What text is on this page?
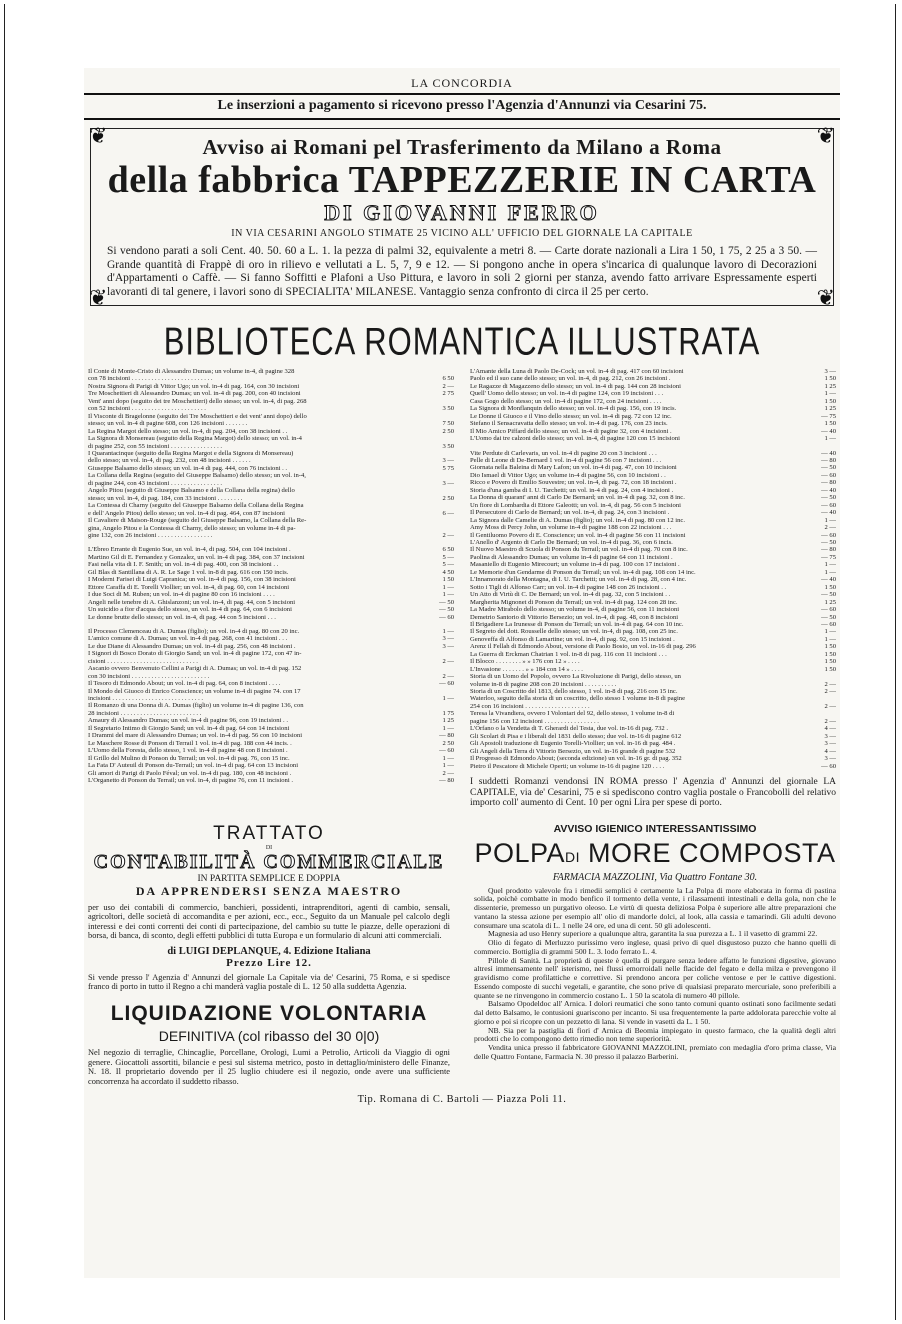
LA CONCORDIA
Le inserzioni a pagamento si ricevono presso l'Agenzia d'Annunzi via Cesarini 75.
❦	❦
❦	❦
Avviso ai Romani pel Trasferimento da Milano a Roma
della fabbrica TAPPEZZERIE IN CARTA
DI GIOVANNI FERRO
IN VIA CESARINI ANGOLO STIMATE 25 VICINO ALL' UFFICIO DEL GIORNALE LA CAPITALE
Si vendono parati a soli Cent. 40. 50. 60 a L. 1. la pezza di palmi 32, equivalente a metri 8. — Carte dorate nazionali a Lira 1 50, 1 75, 2 25 a 3 50. — Grande quantità di Frappè di oro in rilievo e vellutati a L. 5, 7, 9 e 12. — Si pongono anche in opera s'incarica di qualunque lavoro di Decorazioni d'Appartamenti o Caffè. — Si fanno Soffitti e Plafoni a Uso Pittura, e lavoro in soli 2 giorni per stanza, avendo fatto arrivare Espressamente esperti lavoranti di tal genere, i lavori sono di SPECIALITA' MILANESE. Vantaggio senza confronto di circa il 25 per certo.
BIBLIOTECA ROMANTICA ILLUSTRATA
Il Conte di Monte-Cristo di Alessandro Dumas; un volume in-4, di pagine 328
con 78 incisioni . . . . . . . . . . . . . . . . . . . . . . . . .	6 50
Nostra Signora di Parigi di Vittor Ugo; un vol. in-4 di pag. 164, con 30 incisioni	2 —
Tre Moschettieri di Alessandro Dumas; un vol. in-4 di pag. 200, con 40 incisioni	2 75
Vent' anni dopo (seguito dei tre Moschettieri) dello stesso; un vol. in-4, di pag. 268
con 52 incisioni . . . . . . . . . . . . . . . . . . . . . . .	3 50
Il Visconte di Bragelonne (seguito dei Tre Moschettieri e dei vent' anni dopo) dello
stesso; un vol. in-4 di pagine 608, con 126 incisioni . . . . . . .	7 50
La Regina Margot dello stesso; un vol. in-4, di pag. 204, con 38 incisioni . .	2 50
La Signora di Monsereau (seguito della Regina Margot) dello stesso; un vol. in-4
di pagine 252, con 55 incisioni . . . . . . . . . . . . . . . .	3 50
I Quarantacinque (seguito della Regina Margot e della Signora di Monsereau)
dello stesso; un vol. in-4, di pag. 232, con 48 incisioni . . . . . .	3 —
Giuseppe Balsamo dello stesso; un vol. in-4 di pag. 444, con 76 incisioni . .	5 75
La Collana della Regina (seguito del Giuseppe Balsamo) dello stesso; un vol. in-4,
di pagine 244, con 43 incisioni . . . . . . . . . . . . . . . .	3 —
Angelo Pitou (seguito di Giuseppe Balsamo e della Collana della regina) dello
stesso; un vol. in-4, di pag. 184, con 33 incisioni . . . . . . . .	2 50
La Contessa di Charny (seguito del Giuseppe Balsamo della Collana della Regina
e dell' Angelo Pitou) dello stesso; un vol. in-4 di pag. 464, con 87 incisioni	6 —
Il Cavaliere di Maison-Rouge (seguito del Giuseppe Balsamo, la Collana della Re-
gina, Angelo Pitou e la Contessa di Charny, dello stesso; un volume in-4 di pa-
gine 132, con 26 incisioni . . . . . . . . . . . . . . . . .	2 —
L'Ebreo Errante di Eugenio Sue, un vol. in-4, di pag. 504, con 104 incisioni .	6 50
Martino Gil di E. Fernandez y Gonzalez, un vol. in-4 di pag. 384, con 37 incisioni	5 —
Fasi nella vita di I. F. Smith; un vol. in-4 di pag. 400, con 38 incisioni . .	5 —
Gil Blas di Santillana di A. R. Le Sage 1 vol. in-8 di pag. 616 con 150 incis.	4 50
I Moderni Farisei di Luigi Capranica; un vol. in-4 di pag. 156, con 38 incisioni	1 50
Ettore Caraffa di E. Torelli Viollier; un vol. in-4, di pag. 60, con 14 incisioni	1 —
I due Soci di M. Ruben; un vol. in-4 di pagine 80 con 16 incisioni . . . .	1 —
Angeli nelle tenebre di A. Ghislanzoni; un vol. in-4, di pag. 44, con 5 incisioni	— 50
Un suicidio a fior d'acqua dello stesso, un vol. in-4 di pag. 64, con 6 incisioni	— 50
Le donne brutte dello stesso; un vol. in-4, di pag. 44 con 5 incisioni . . .	— 60
Il Processo Clemenceau di A. Dumas (figlio); un vol. in-4 di pag. 80 con 20 inc.	1 —
L'amico comune di A. Dumas; un vol. in-4 di pag. 268, con 41 incisioni . . .	3 —
Le due Diane di Alessandro Dumas; un vol. in-4 di pag. 256, con 48 incisioni .	3 —
I Signori di Bosco Dorato di Giorgio Sand; un vol. in-4 di pagine 172, con 47 in-
cisioni . . . . . . . . . . . . . . . . . . . . . . . . . . . .	2 —
Ascanio ovvero Benvenuto Cellini a Parigi di A. Dumas; un vol. in-4 di pag. 152
con 30 incisioni . . . . . . . . . . . . . . . . . . . . . . . .	2 —
Il Tesoro di Edmondo About; un vol. in-4 di pag. 64, con 8 incisioni . . . .	— 60
Il Mondo del Giuoco di Enrico Conscience; un volume in-4 di pagine 74. con 17
incisioni . . . . . . . . . . . . . . . . . . . . . . . . . . . .	1 —
Il Romanzo di una Donna di A. Dumas (figlio) un volume in-4 di pagine 136, con
28 incisioni . . . . . . . . . . . . . . . . . . . . . . . . .	1 75
Amaury di Alessandro Dumas; un vol. in-4 di pagine 96, con 19 incisioni . .	1 25
Il Segretario Intimo di Giorgio Sand; un vol. in-4 di pag. 64 con 14 incisioni	1 —
I Drammi del mare di Alessandro Dumas; un vol. in-4 di pag. 56 con 10 incisioni	— 80
Le Maschere Rosse di Ponson di Terrail 1 vol. in-4 di pag. 188 con 44 incis. .	2 50
L'Uomo della Foresta, dello stesso, 1 vol. in-4 di pagine 48 con 8 incisioni .	— 60
Il Grillo del Mulino di Ponson du Terrail; un vol. in-4 di pag. 76, con 15 inc.	1 —
La Fata D' Auteuil di Ponson du-Terrail; un vol. in-4 di pag. 64 con 13 incisioni	1 —
Gli amori di Parigi di Paolo Féval; un vol. in-4 di pag. 180, con 48 incisioni .	2 —
L'Organetto di Ponson du Terrail; un vol. in-4, di pagine 76, con 11 incisioni .	— 80
L'Amante della Luna di Paolo De-Cock; un vol. in-4 di pag. 417 con 60 incisioni	3 —
Paolo ed il suo cane dello stesso; un vol. in-4, di pag. 212, con 26 incisioni .	1 50
Le Ragazze di Magazzeno dello stesso; un vol. in-4 di pag. 144 con 28 incisioni	1 25
Quell' Uomo dello stesso; un vol. in-4 di pagine 124, con 19 incisioni . . .	1 —
Casa Gogo dello stesso; un vol. in-4 di pagine 172, con 24 incisioni . . . .	1 50
La Signora di Monflanquin dello stesso; un vol. in-4 di pag. 156, con 19 incis.	1 25
Le Donne il Giuoco e il Vino dello stesso; un vol. in-4 di pag. 72 con 12 inc.	— 75
Stefano il Sensacravatta dello stesso; un vol. in-4 di pag. 176, con 23 incis.	1 50
Il Mio Amico Piffard dello stesso; un vol. in-4 di pagine 32, con 4 incisioni .	— 40
L'Uomo dai tre calzoni dello stesso; un vol. in-4, di pagine 120 con 15 incisioni	1 —
Vite Perdute di Carlevaris, un vol. in-4 di pagine 20 con 3 incisioni . . .	— 40
Pelle di Leone di De-Bernard 1 vol. in-4 di pagine 56 con 7 incisioni . . .	— 80
Giornata nella Baleina di Mary Lafon; un vol. in-4 di pag. 47, con 10 incisioni	— 50
Dio Ismael di Vittor Ugo; un volume in-4 di pagine 56, con 10 incisioni . .	— 60
Ricco e Povero di Emilio Souvestre; un vol. in-4, di pag. 72, con 18 incisioni .	— 80
Storia d'una gamba di I. U. Tarchetti; un vol. in-4 di pag. 24, con 4 incisioni .	— 40
La Donna di quarant' anni di Carlo De Bernard; un vol. in-4 di pag. 32, con 8 inc.	— 50
Un fiore di Lombardia di Ettore Galeotti; un vol. in-4, di pag. 56 con 5 incisioni	— 60
Il Persecutore di Carlo de Bernard; un vol. in-4, di pag. 24, con 3 incisioni .	— 40
La Signora dalle Camelie di A. Dumas (figlio); un vol. in-4 di pag. 80 con 12 inc.	1 —
Amy Moss di Percy John, un volume in-4 di pagine 188 con 22 incisioni . . .	2 —
Il Gentiluomo Povero di E. Conscience; un vol. in-4 di pagine 56 con 11 incisioni	— 60
L'Anello d' Argento di Carlo De Bernard; un vol. in-4 di pag. 36, con 6 incis.	— 50
Il Nuovo Maestro di Scuola di Ponson du Terrail; un vol. in-4 di pag. 70 con 8 inc.	— 80
Paolina di Alessandro Dumas; un volume in-4 di pagine 64 con 11 incisioni .	— 75
Masaniello di Eugenio Mirecourt; un volume in-4 di pag. 100 con 17 incisioni .	1 —
Le Memorie d'un Gendarme di Ponson du Terrail; un vol. in-4 di pag. 108 con 14 inc.	1 —
L'Innamorato della Montagna, di I. U. Tarchetti; un vol. in-4 di pag. 28, con 4 inc.	— 40
Sotto i Tigli di Alfonso Carr; un vol. in-4 di pagine 148 con 26 incisioni . .	1 50
Un Atto di Virtù di C. De Bernard; un vol. in-4 di pag. 32, con 5 incisioni . .	— 50
Margherita Mignonet di Ponson du Terrail; un vol. in-4 di pag. 124 con 28 inc.	1 25
La Madre Mirabolo dello stesso; un volume in-4, di pagine 56, con 11 incisioni	— 60
Demetrio Santorio di Vittorio Bersezio; un vol. in-4, di pag. 48, con 8 incisioni	— 50
Il Brigadiere La Irunesse di Ponson du Terrail; un vol. in-4 di pag. 64 con 10 inc.	— 60
Il Segreto del dott. Rousselle dello stesso; un vol. in-4, di pag. 108, con 25 inc.	1 —
Genoveffa di Alfonso di Lamartine; un vol. in-4, di pag. 92, con 15 incisioni .	1 —
Arenz il Fellah di Edmondo About, versione di Paolo Bosio, un vol. in-16 di pag. 296	1 50
La Guerra di Erckman Chatrian 1 vol. in-8 di pag. 116 con 11 incisioni . . .	1 50
Il Blocco . . . . . . . . » » 176 con 12 » . . . .	1 50
L'Invasione . . . . . . . » » 184 con 14 » . . . .	1 50
Storia di un Uomo del Popolo, ovvero La Rivoluzione di Parigi, dello stesso, un
volume in-8 di pagine 208 con 20 incisioni . . . . . . . . . .	2 —
Storia di un Coscritto del 1813, dello stesso, 1 vol. in-8 di pag. 216 con 15 inc.	2 —
Waterloo, seguito della storia di un coscritto, dello stesso 1 volume in-8 di pagine
254 con 16 incisioni . . . . . . . . . . . . . . . . . . . .	2 —
Teresa la Vivandiera, ovvero I Volontari del 92, dello stesso, 1 volume in-8 di
pagine 156 con 12 incisioni . . . . . . . . . . . . . . . . .	2 —
L'Orfano o la Vendetta di T. Gherardi del Testa, due vol. in-16 di pag. 732 .	4 —
Gli Scolari di Pisa e i liberali del 1831 dello stesso; due vol. in-16 di pagine 612	3 —
Gli Apostoli traduzione di Eugenio Torelli-Viollier; un vol. in-16 di pag. 484 .	3 —
Gli Angeli della Terra di Vittorio Bersezio, un vol. in-16 grande di pagine 532	4 —
Il Progresso di Edmondo About; (seconda edizione) un vol. in-16 gr. di pag. 352	3 —
Pietro il Pescatore di Michele Operti; un volume in-16 di pagine 120 . . . .	— 60
I suddetti Romanzi vendonsi IN ROMA presso l' Agenzia d' Annunzi del giornale LA CAPITALE, via de' Cesarini, 75 e si spediscono contro vaglia postale o Francobolli del relativo importo coll' aumento di Cent. 10 per ogni Lira per spese di porto.
TRATTATO
DI
CONTABILITÀ COMMERCIALE
IN PARTITA SEMPLICE E DOPPIA
DA APPRENDERSI SENZA MAESTRO
per uso dei contabili di commercio, banchieri, possidenti, intraprenditori, agenti di cambio, sensali, agricoltori, delle società di accomandita e per azioni, ecc., ecc., Seguito da un Manuale pel calcolo degli interessi e dei conti correnti dei conti di partecipazione, del cambio su tutte le piazze, delle operazioni di borsa, di banca, di sconto, degli effetti pubblici di tutta Europa e un formulario di alcuni atti commerciali.
di LUIGI DEPLANQUE, 4. Edizione Italiana
Prezzo Lire 12.
Si vende presso l' Agenzia d' Annunzi del giornale La Capitale via de' Cesarini, 75 Roma, e si spedisce franco di porto in tutto il Regno a chi manderà vaglia postale di L. 12 50 alla suddetta Agenzia.
LIQUIDAZIONE VOLONTARIA
DEFINITIVA (col ribasso del 30 0|0)
Nel negozio di terraglie, Chincaglie, Porcellane, Orologi, Lumi a Petrolio, Articoli da Viaggio di ogni genere. Giocattoli assortiti, bilancie e pesi sul sistema metrico, posto in dettaglio/ministero delle Finanze, N. 18. Il proprietario dovendo per il 25 luglio chiudere esi il negozio, onde avere una sufficiente concorrenza ha accordato il suddetto ribasso.
AVVISO IGIENICO INTERESSANTISSIMO
POLPADI MORE COMPOSTA
FARMACIA MAZZOLINI, Via Quattro Fontane 30.

Quel prodotto valevole fra i rimedii semplici è certamente la La Polpa di more elaborata in forma di pastina solida, poichè combatte in modo benfico il tormento della vente, i rilassamenti intestinali e della gola, non che le dissenterie, premesso un purgativo oleoso. Le virtù di questa deliziosa Polpa è superiore alle altre preparazioni che vantano la stessa azione per esempio all' olio di mandorle dolci, al look, alla cassia e tamarindi. Gli adulti devono consumare una scatola di L. 1 nelle 24 ore, ed una di cent. 50 gli adolescenti.

Magnesia ad uso Henry superiore a qualunque altra, garantita la sua purezza a L. 1 il vasetto di grammi 22.

Olio di fegato di Merluzzo purissimo vero inglese, quasi privo di quel disgustoso puzzo che hanno quelli di commercio. Bottiglia di grammi 500 L. 3. lodo ferrato L. 4.

Pillole di Sanità. La proprietà di queste è quella di purgare senza ledere affatto le funzioni digestive, giovano altresì immensamente nell' isterismo, nei flussi emorroidali nelle flacide del fegato e della milza e prevengono il gravidismo come profilattiche e correttive. Si prendono ancora per coliche ventose e per le cattive digestioni. Essendo composte di succhi vegetali, e garantite, che sono prive di qualsiasi preparato mercuriale, sono preferibili a quante se ne rinvengono in commercio costano L. 1 50 la scatola di numero 40 pillole.

Balsamo Opodeldoc all' Arnica. I dolori reumatici che sono tanto comuni quanto ostinati sono facilmente sedati dal detto Balsamo, le contusioni guariscono per incanto. Si usa frequentemente la parte addolorata parecchie volte al giorno e poi si ricopre con un pezzetto di lana. Si vende in vasetti da L. 1 50.

NB. Sia per la pastiglia di fiori d' Arnica di Beomia impiegato in questo farmaco, che la qualità degli altri prodotti che lo compongono detto rimedio non teme superiorità.

Vendita unica presso il fabbricatore GIOVANNI MAZZOLINI, premiato con medaglia d'oro prima classe, Via delle Quattro Fontane, Farmacia N. 30 presso il palazzo Barberini.

Tip. Romana di C. Bartoli — Piazza Poli 11.
